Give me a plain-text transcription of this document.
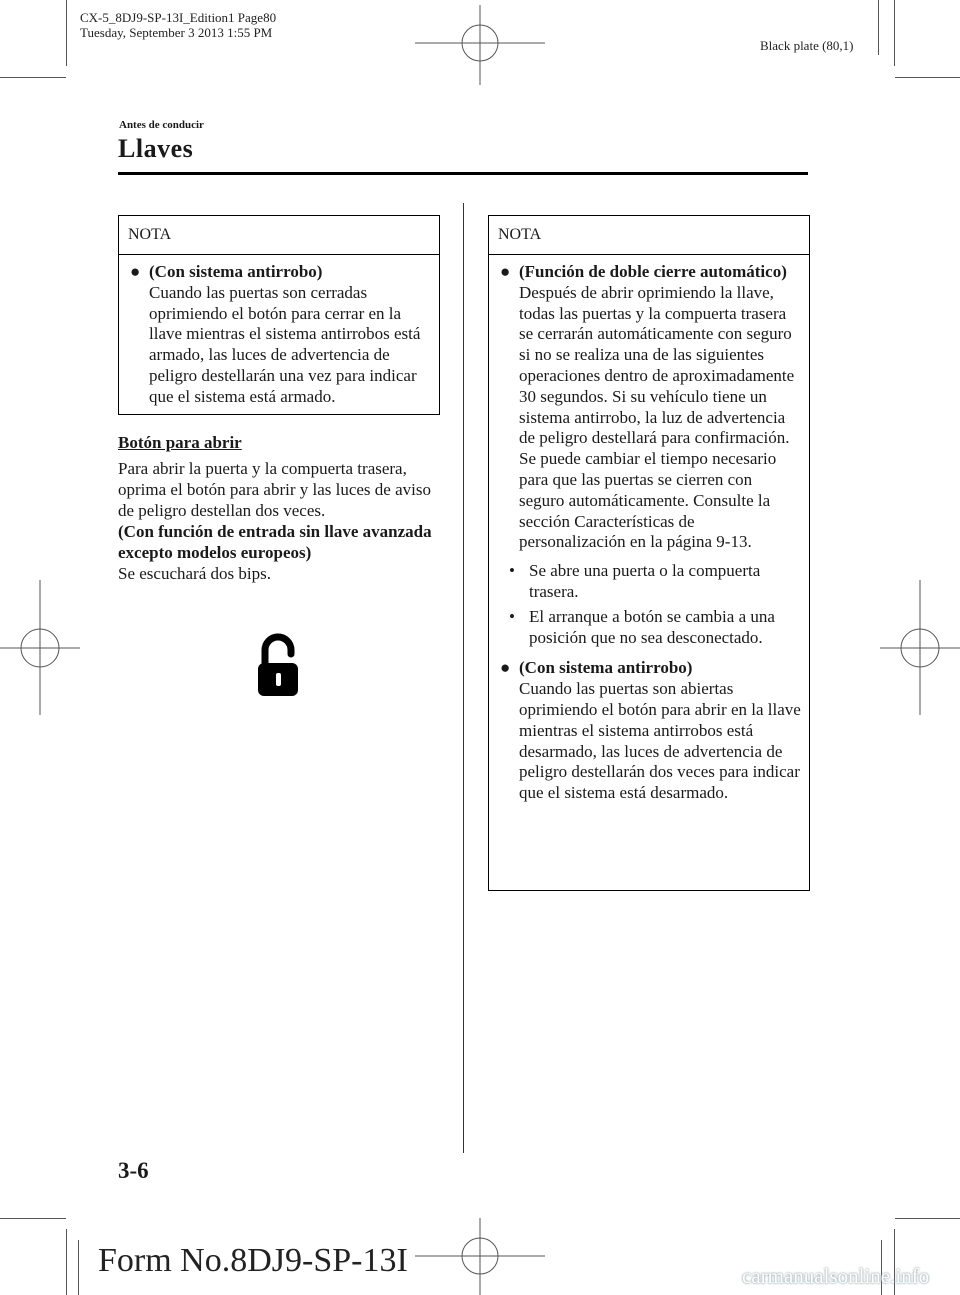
CX-5_8DJ9-SP-13I_Edition1 Page80
Tuesday, September 3 2013 1:55 PM
Black plate (80,1)
Antes de conducir
Llaves
NOTA
● (Con sistema antirrobo)
Cuando las puertas son cerradas oprimiendo el botón para cerrar en la llave mientras el sistema antirrobos está armado, las luces de advertencia de peligro destellarán una vez para indicar que el sistema está armado.
Botón para abrir
Para abrir la puerta y la compuerta trasera, oprima el botón para abrir y las luces de aviso de peligro destellan dos veces.
(Con función de entrada sin llave avanzada excepto modelos europeos)
Se escuchará dos bips.
NOTA
● (Función de doble cierre automático)
Después de abrir oprimiendo la llave, todas las puertas y la compuerta trasera se cerrarán automáticamente con seguro si no se realiza una de las siguientes operaciones dentro de aproximadamente 30 segundos. Si su vehículo tiene un sistema antirrobo, la luz de advertencia de peligro destellará para confirmación.
Se puede cambiar el tiempo necesario para que las puertas se cierren con seguro automáticamente. Consulte la sección Características de personalización en la página 9-13.
• Se abre una puerta o la compuerta trasera.
• El arranque a botón se cambia a una posición que no sea desconectado.
● (Con sistema antirrobo)
Cuando las puertas son abiertas oprimiendo el botón para abrir en la llave mientras el sistema antirrobos está desarmado, las luces de advertencia de peligro destellarán dos veces para indicar que el sistema está desarmado.
3-6
Form No.8DJ9-SP-13I	carmanualsonline.info
